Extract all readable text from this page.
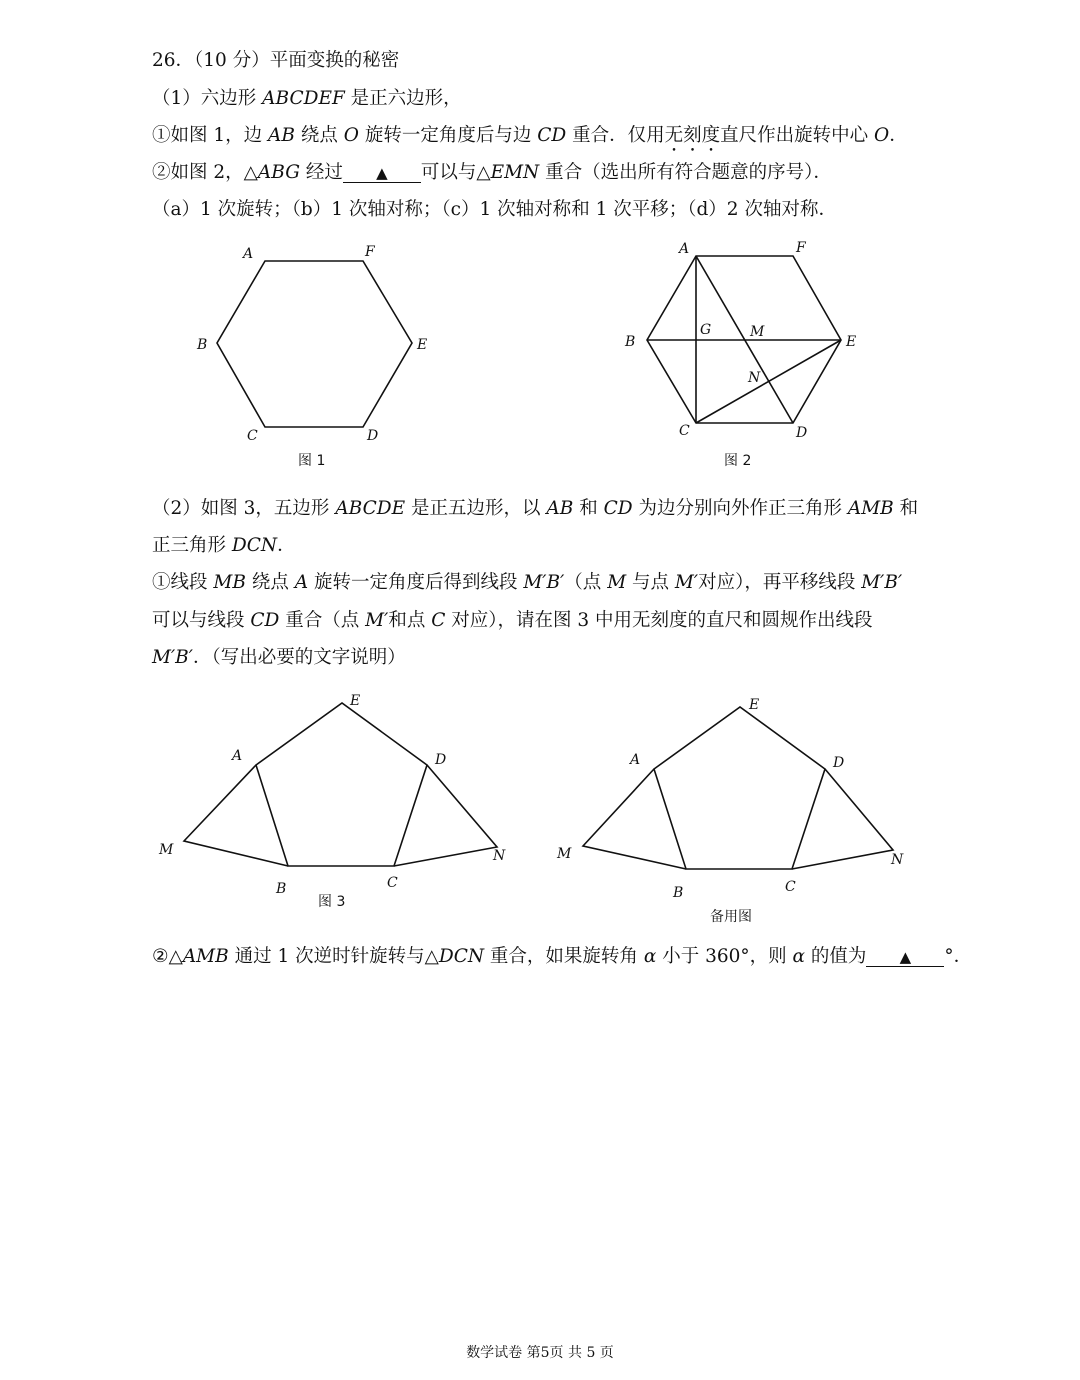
26．（10 分）平面变换的秘密
（1）六边形 ABCDEF 是正六边形，
①如图 1，边 AB 绕点 O 旋转一定角度后与边 CD 重合．仅用无刻度直尺作出旋转中心 O．
②如图 2，△ABG 经过 ▲ 可以与△EMN 重合（选出所有符合题意的序号）．
（a）1 次旋转；（b）1 次轴对称；（c）1 次轴对称和 1 次平移；（d）2 次轴对称．
（2）如图 3，五边形 ABCDE 是正五边形，以 AB 和 CD 为边分别向外作正三角形 AMB 和
正三角形 DCN．
①线段 MB 绕点 A 旋转一定角度后得到线段 M′B′（点 M 与点 M′对应），再平移线段 M′B′
可以与线段 CD 重合（点 M′和点 C 对应），请在图 3 中用无刻度的直尺和圆规作出线段
M′B′．（写出必要的文字说明）
②△AMB 通过 1 次逆时针旋转与△DCN 重合，如果旋转角 α 小于 360°，则 α 的值为 ▲ °．
A	F
E
D
C
B
图 1
A	F
E
D
C
B
G	M
N
图 2
E
A	D
M	N
B	C
图 3
E
A	D
M	N
B	C
备用图
数学试卷 第5页 共 5 页
